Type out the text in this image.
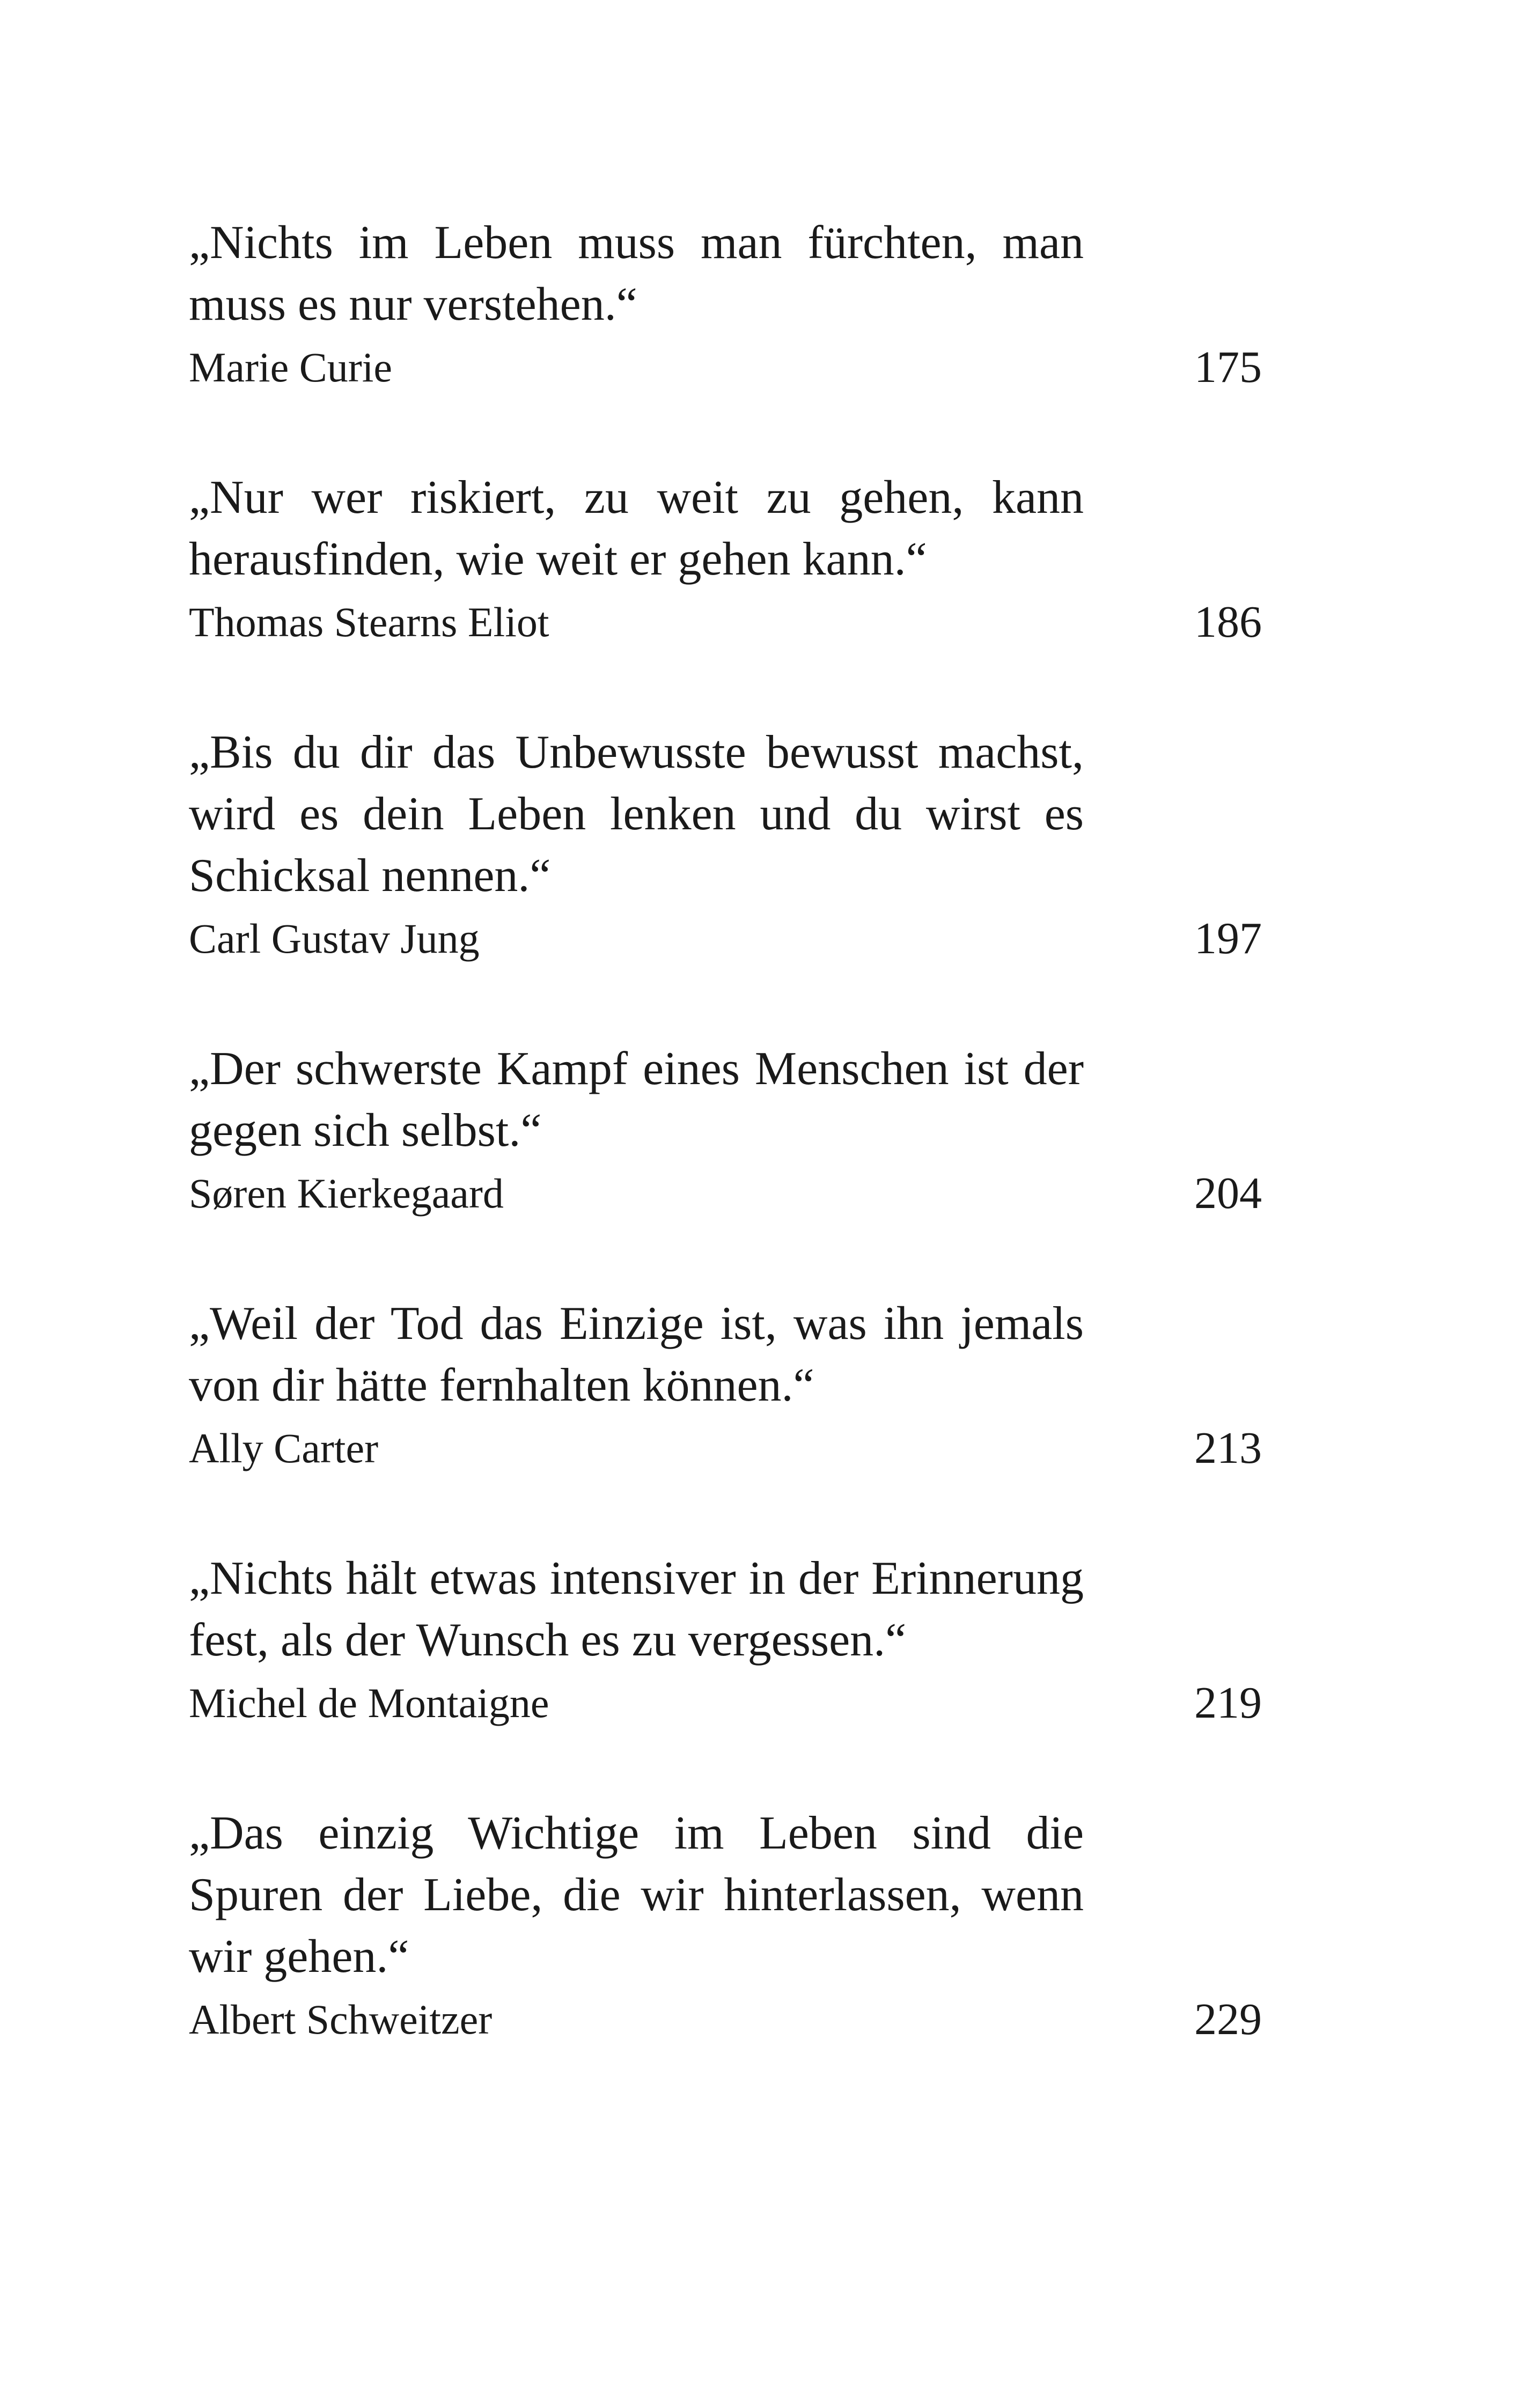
„Nichts im Leben muss man fürchten, man muss es nur verstehen.“

Marie Curie	175

„Nur wer riskiert, zu weit zu gehen, kann herausfinden, wie weit er gehen kann.“

Thomas Stearns Eliot	186

„Bis du dir das Unbewusste bewusst machst, wird es dein Leben lenken und du wirst es Schicksal nennen.“

Carl Gustav Jung	197

„Der schwerste Kampf eines Menschen ist der gegen sich selbst.“

Søren Kierkegaard	204

„Weil der Tod das Einzige ist, was ihn jemals von dir hätte fernhalten können.“

Ally Carter	213

„Nichts hält etwas intensiver in der Erinnerung fest, als der Wunsch es zu vergessen.“

Michel de Montaigne	219

„Das einzig Wichtige im Leben sind die Spuren der Liebe, die wir hinterlassen, wenn wir gehen.“

Albert Schweitzer	229
